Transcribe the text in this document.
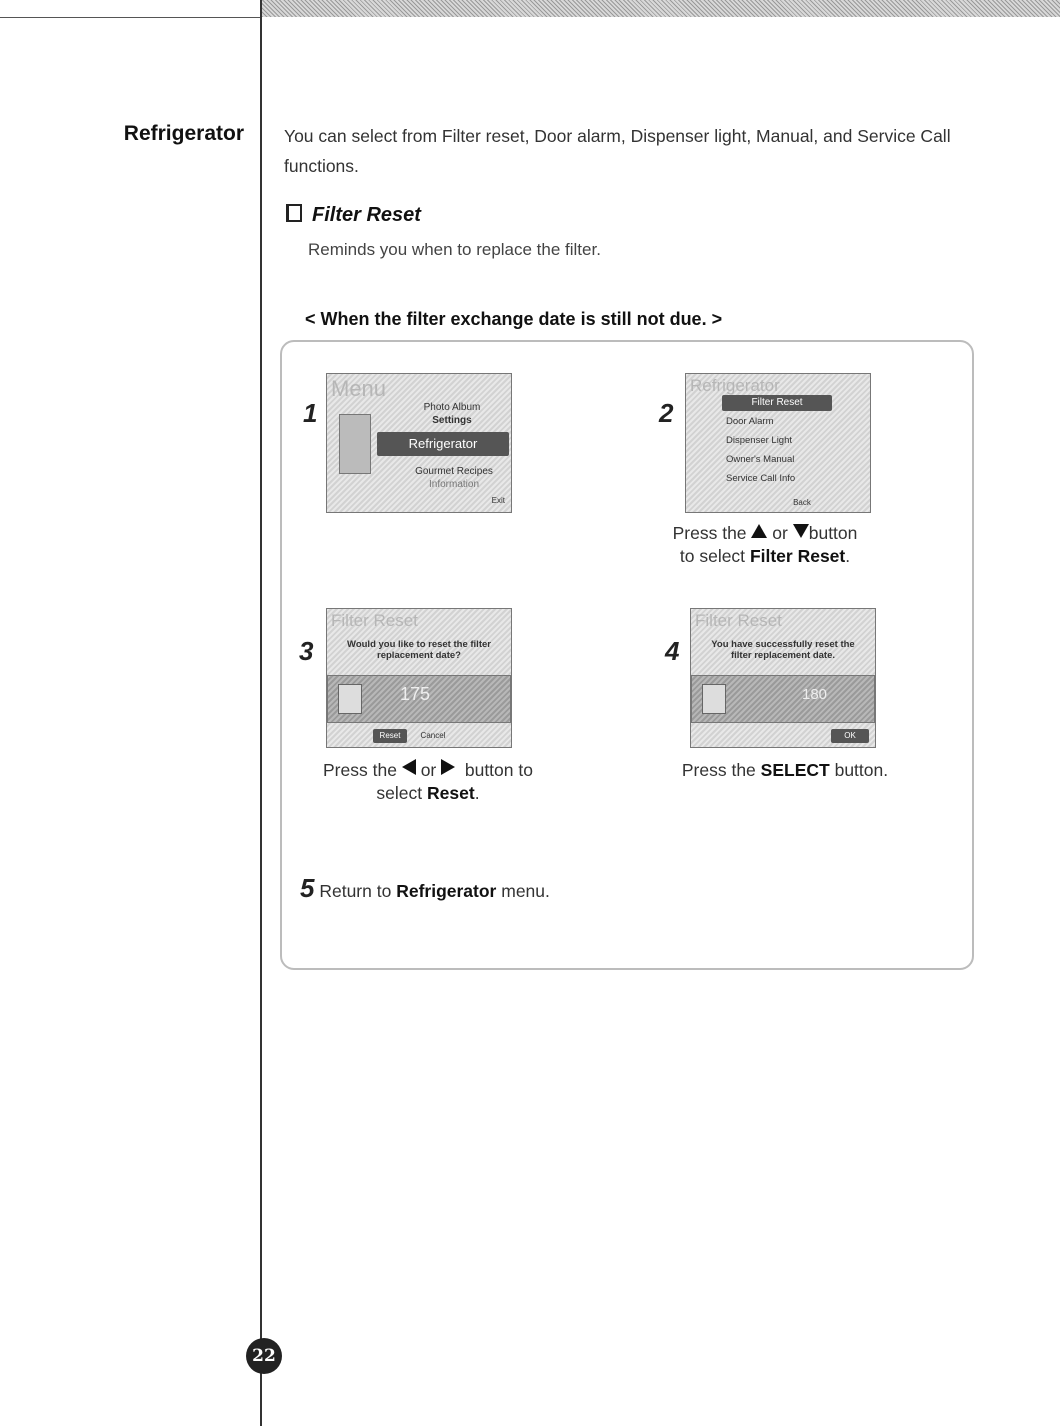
Refrigerator You can select from Filter reset, Door alarm, Dispenser light, Manual, and Service Call functions.
Filter Reset
Reminds you when to replace the filter.
< When the filter exchange date is still not due. >
1
Menu
Photo Album
Settings
Refrigerator
Gourmet Recipes
Information
Exit
2
Refrigerator
Filter Reset
Door Alarm
Dispenser Light
Owner's Manual
Service Call Info
Back
Press the or button
to select Filter Reset.
3
Filter Reset
Would you like to reset the filter replacement date?
175
Reset	Cancel
Press the or button to
select Reset.
4
Filter Reset
You have successfully reset the filter replacement date.
180
OK
Press the SELECT button.
5 Return to Refrigerator menu.
22
